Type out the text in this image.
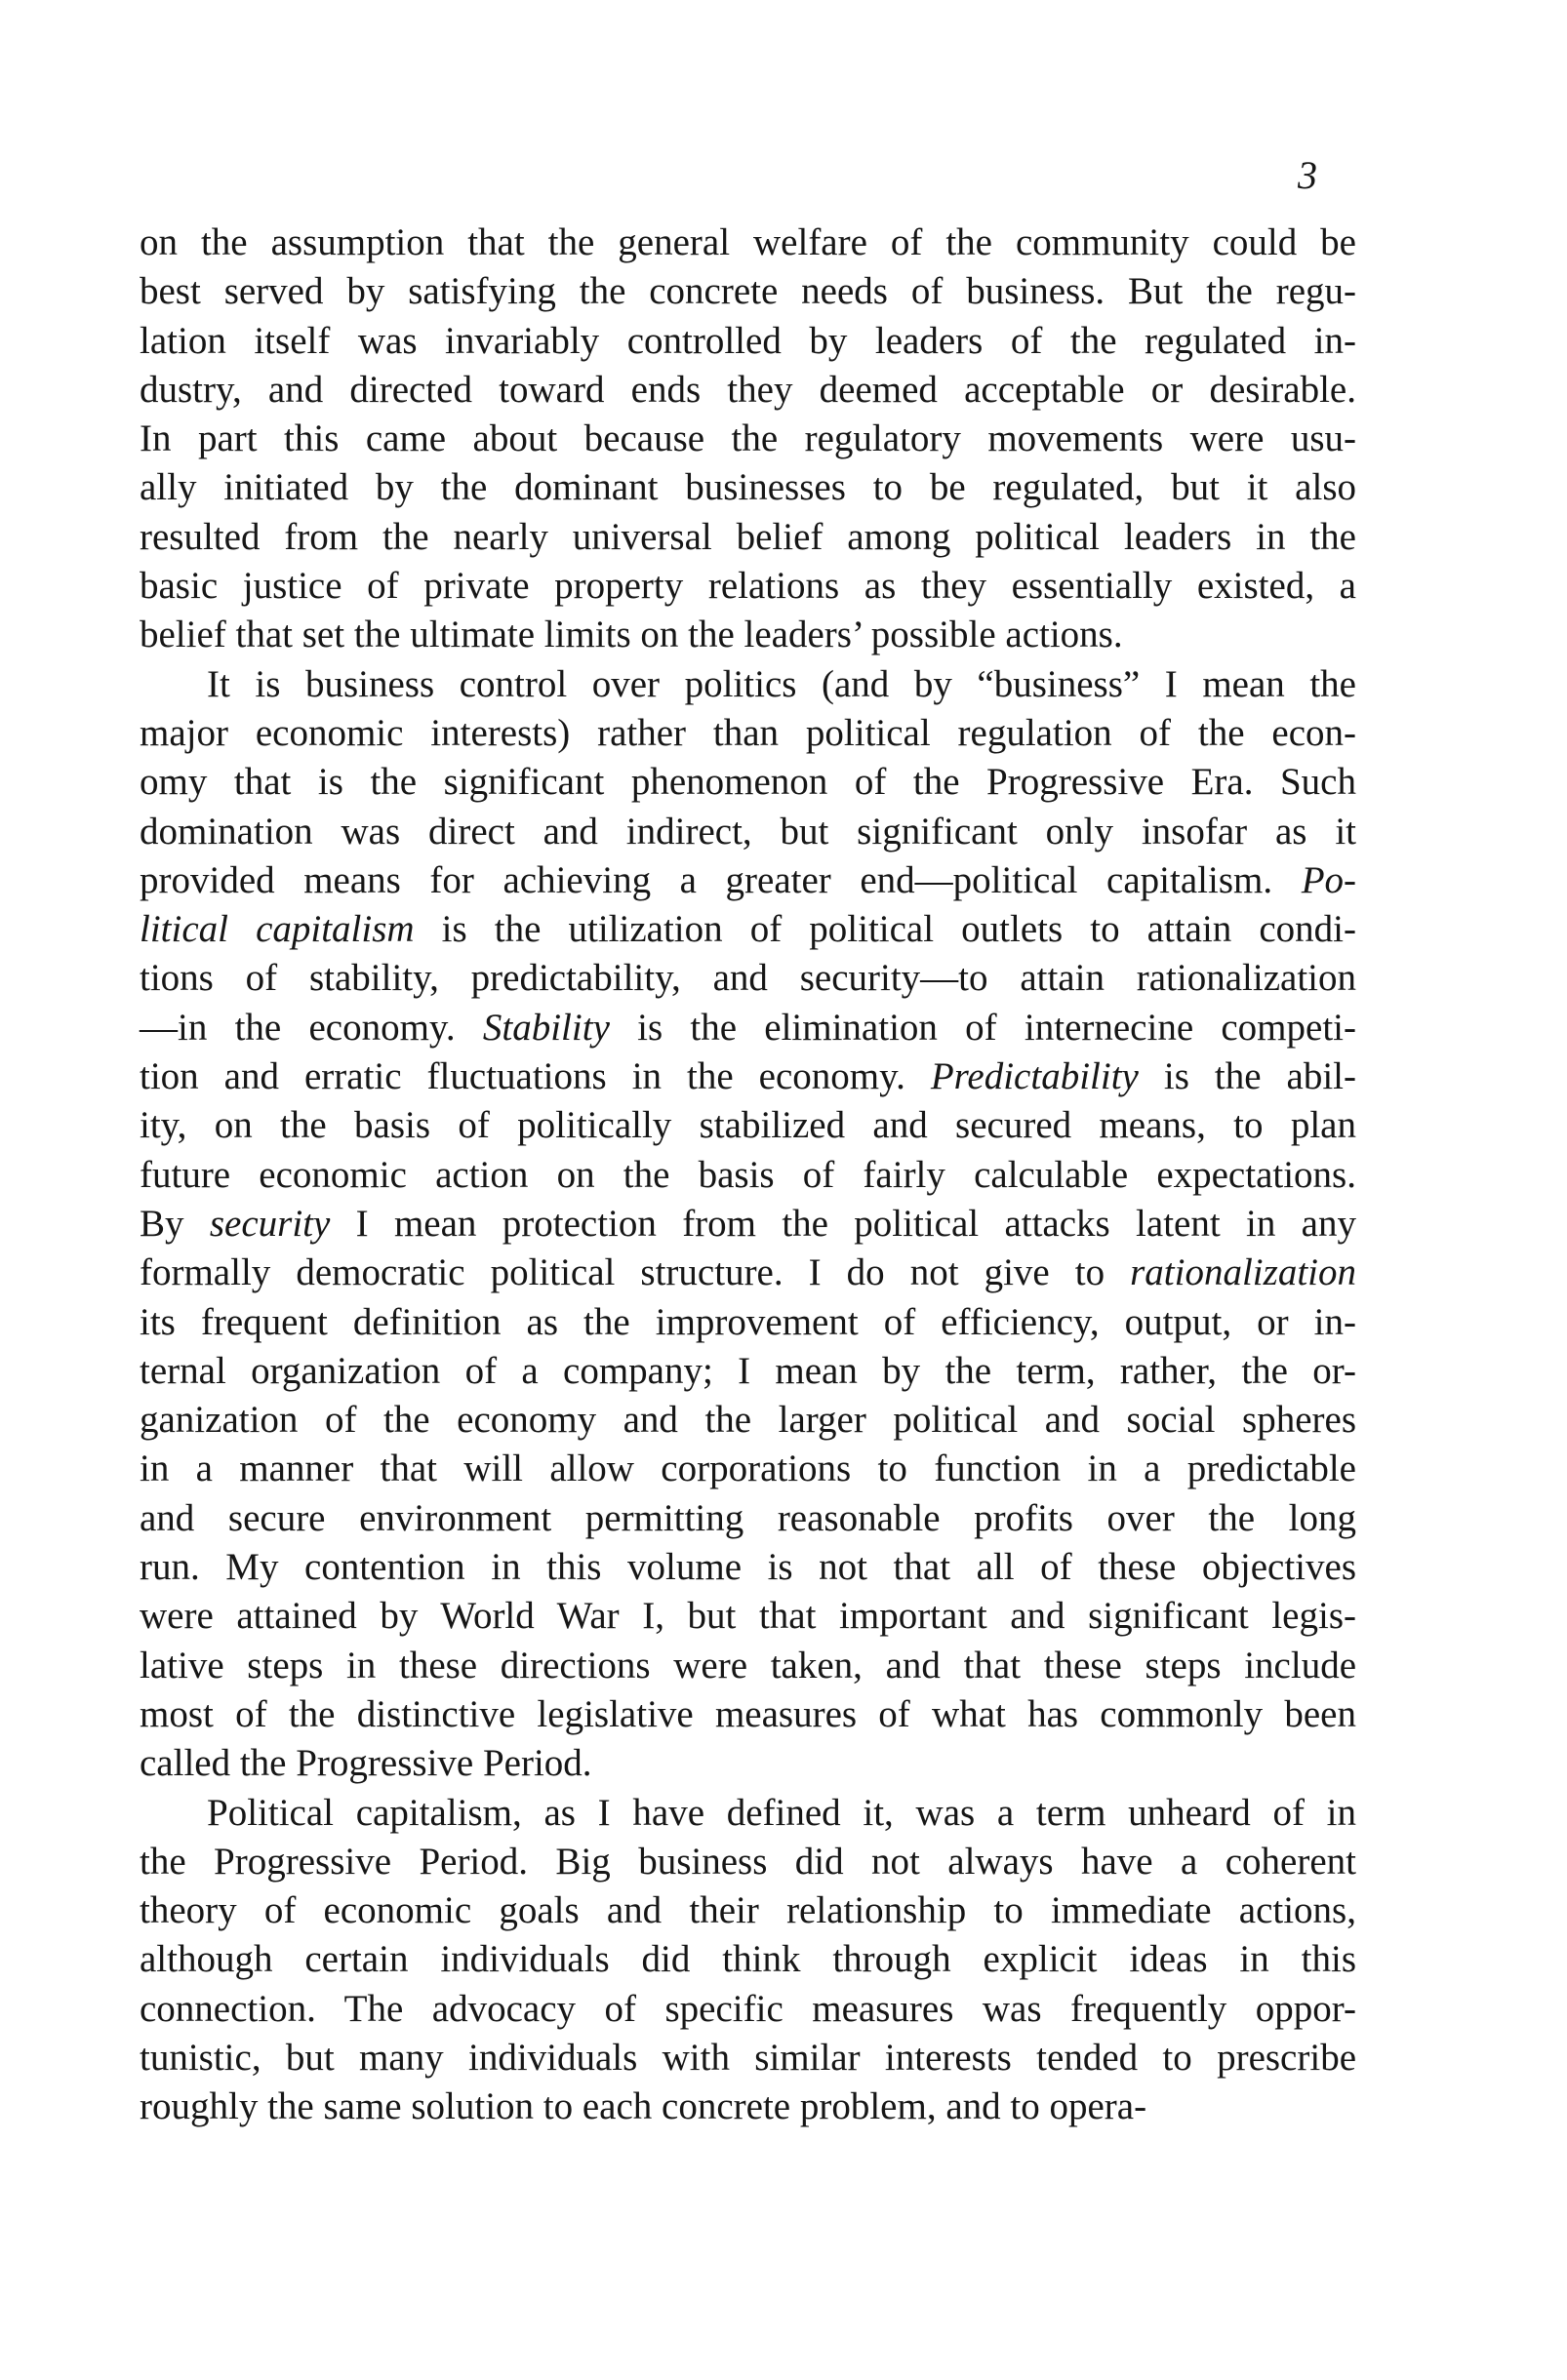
3
on the assumption that the general welfare of the community could be
best served by satisfying the concrete needs of business. But the regu-
lation itself was invariably controlled by leaders of the regulated in-
dustry, and directed toward ends they deemed acceptable or desirable.
In part this came about because the regulatory movements were usu-
ally initiated by the dominant businesses to be regulated, but it also
resulted from the nearly universal belief among political leaders in the
basic justice of private property relations as they essentially existed, a
belief that set the ultimate limits on the leaders’ possible actions.
It is business control over politics (and by “business” I mean the
major economic interests) rather than political regulation of the econ-
omy that is the significant phenomenon of the Progressive Era. Such
domination was direct and indirect, but significant only insofar as it
provided means for achieving a greater end—political capitalism. Po-
litical capitalism is the utilization of political outlets to attain condi-
tions of stability, predictability, and security—to attain rationalization
—in the economy. Stability is the elimination of internecine competi-
tion and erratic fluctuations in the economy. Predictability is the abil-
ity, on the basis of politically stabilized and secured means, to plan
future economic action on the basis of fairly calculable expectations.
By security I mean protection from the political attacks latent in any
formally democratic political structure. I do not give to rationalization
its frequent definition as the improvement of efficiency, output, or in-
ternal organization of a company; I mean by the term, rather, the or-
ganization of the economy and the larger political and social spheres
in a manner that will allow corporations to function in a predictable
and secure environment permitting reasonable profits over the long
run. My contention in this volume is not that all of these objectives
were attained by World War I, but that important and significant legis-
lative steps in these directions were taken, and that these steps include
most of the distinctive legislative measures of what has commonly been
called the Progressive Period.
Political capitalism, as I have defined it, was a term unheard of in
the Progressive Period. Big business did not always have a coherent
theory of economic goals and their relationship to immediate actions,
although certain individuals did think through explicit ideas in this
connection. The advocacy of specific measures was frequently oppor-
tunistic, but many individuals with similar interests tended to prescribe
roughly the same solution to each concrete problem, and to opera-
